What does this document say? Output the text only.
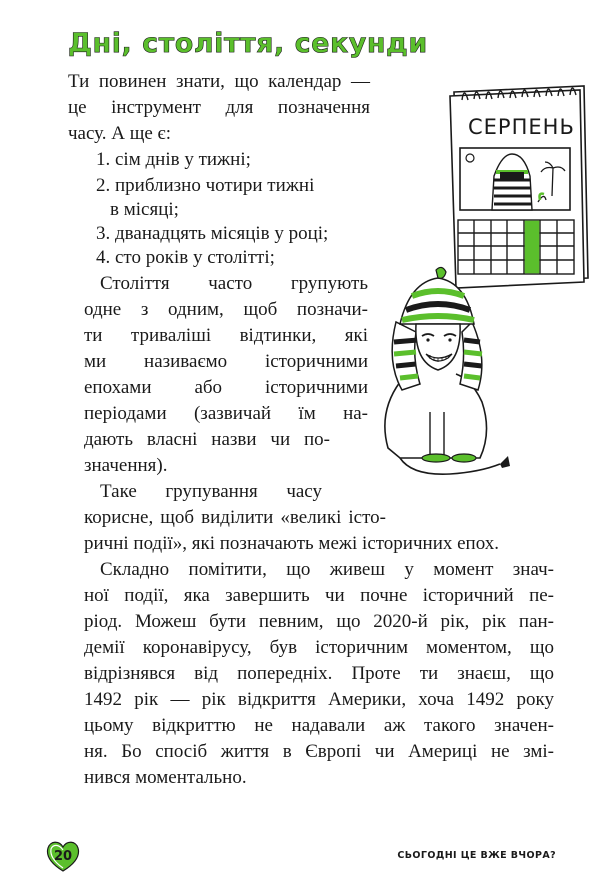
Дні, століття, секунди
Ти повинен знати, що календар —
це інструмент для позначення
часу. А ще є:
1. сім днів у тижні;
2. приблизно чотири тижні
в місяці;
3. дванадцять місяців у році;
4. сто років у столітті;
Століття часто групують
одне з одним, щоб позначи-
ти триваліші відтинки, які
ми називаємо історичними
епохами або історичними
періодами (зазвичай їм на-
дають власні назви чи по-
значення).
Таке групування часу
корисне, щоб виділити «великі істо-
ричні події», які позначають межі історичних епох.
Складно помітити, що живеш у момент знач-
ної події, яка завершить чи почне історичний пе-
ріод. Можеш бути певним, що 2020-й рік, рік пан-
демії коронавірусу, був історичним моментом, що
відрізнявся від попередніх. Проте ти знаєш, що
1492 рік — рік відкриття Америки, хоча 1492 року
цьому відкриттю не надавали аж такого значен-
ня. Бо спосіб життя в Європі чи Америці не змі-
нився моментально.
СЕРПЕНЬ
20	СЬОГОДНІ ЦЕ ВЖЕ ВЧОРА?
